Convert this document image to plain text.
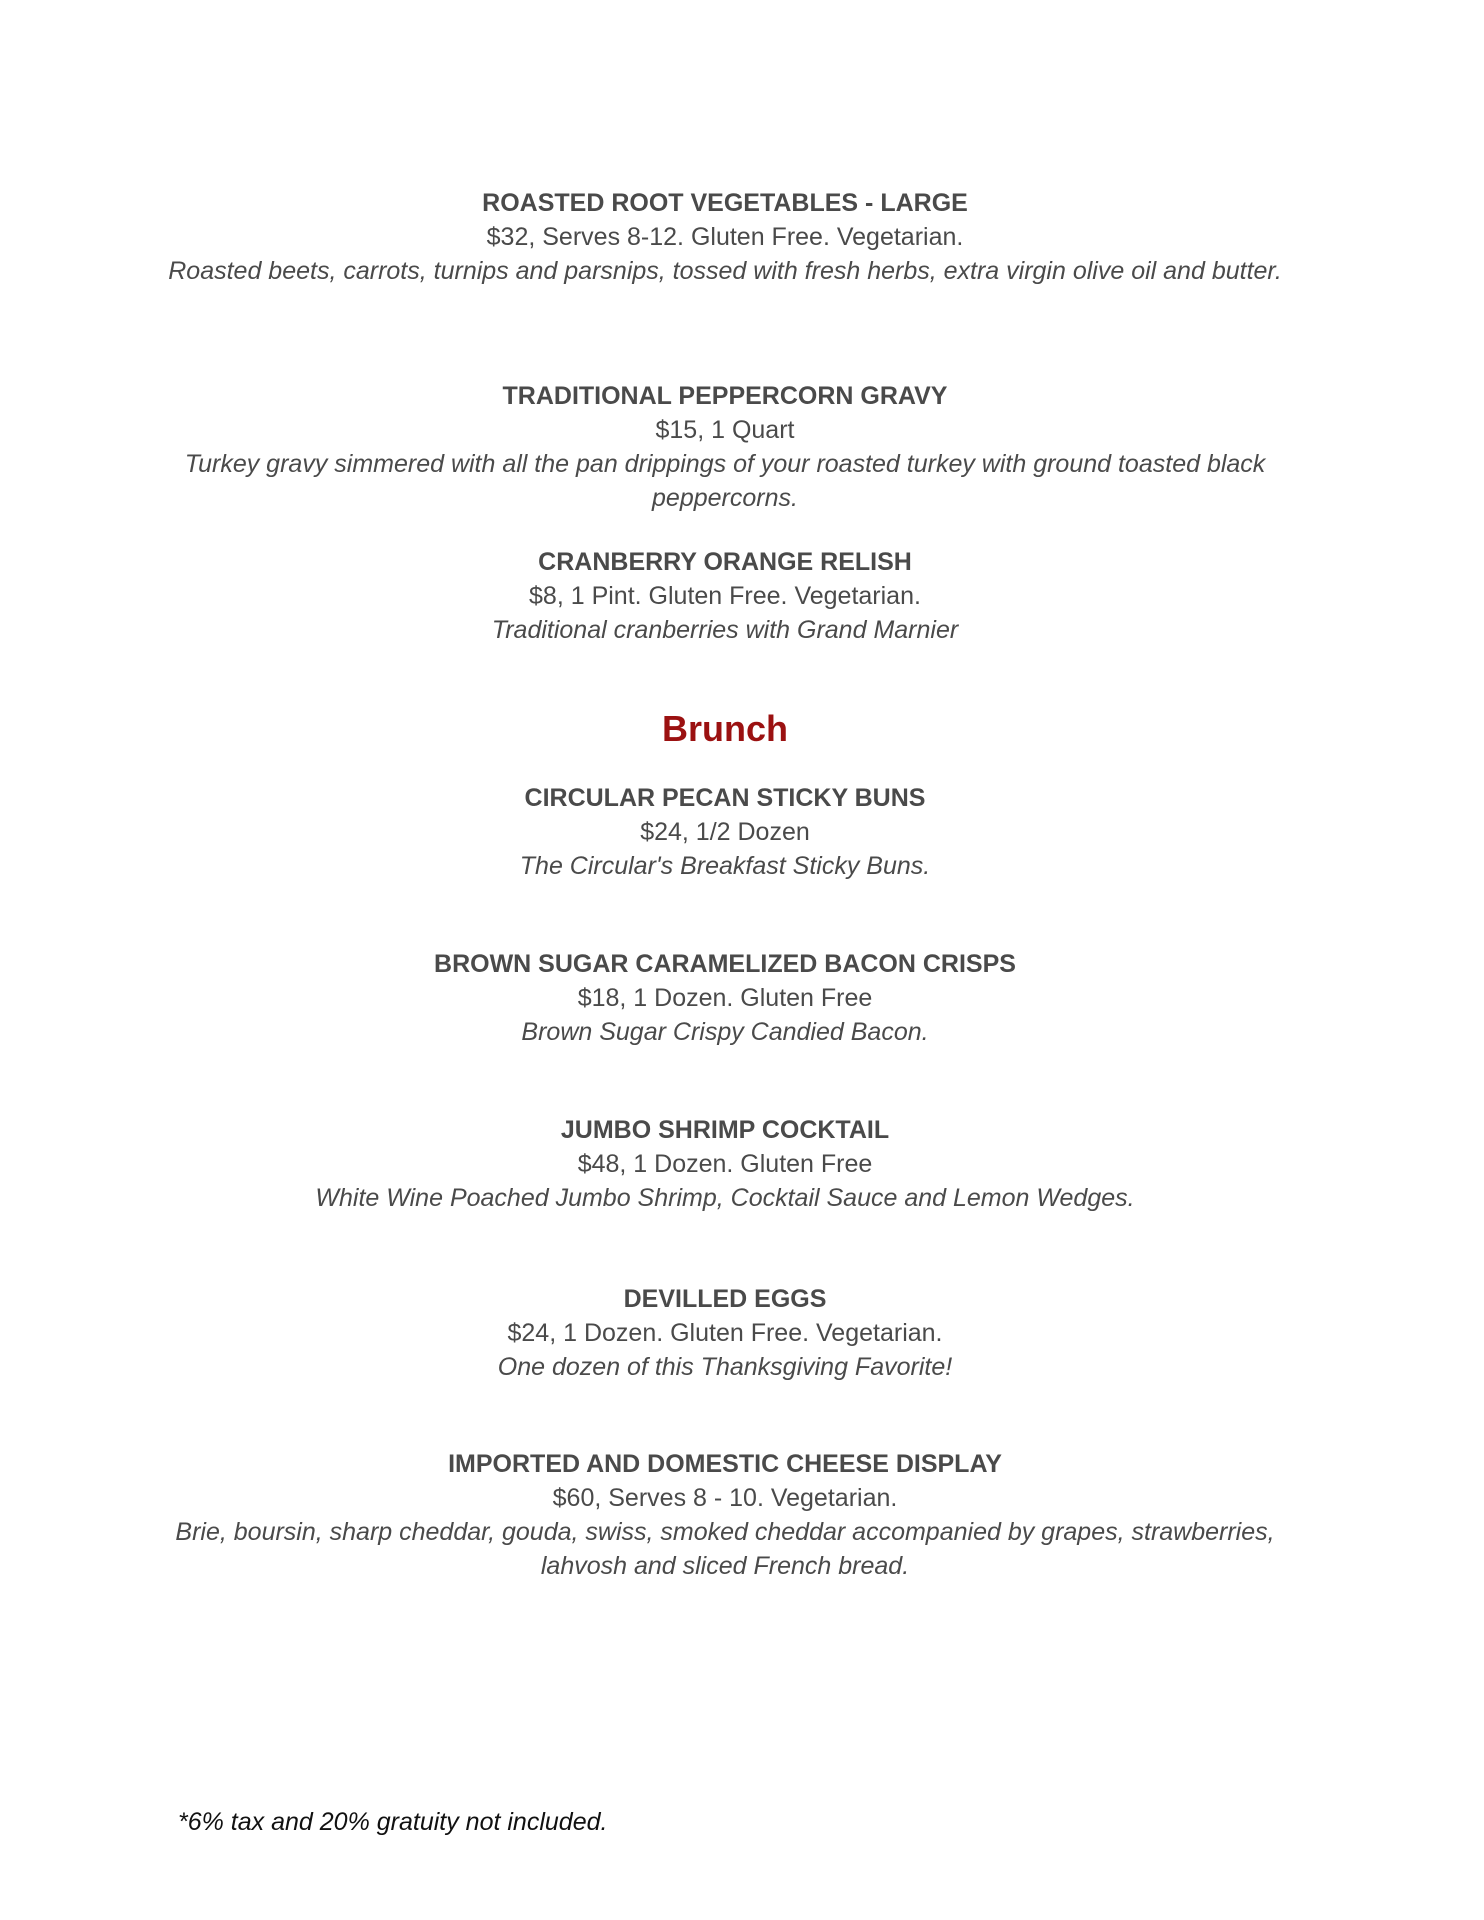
ROASTED ROOT VEGETABLES - LARGE
$32, Serves 8-12. Gluten Free. Vegetarian.
Roasted beets, carrots, turnips and parsnips, tossed with fresh herbs, extra virgin olive oil and butter.
TRADITIONAL PEPPERCORN GRAVY
$15, 1 Quart
Turkey gravy simmered with all the pan drippings of your roasted turkey with ground toasted black peppercorns.
CRANBERRY ORANGE RELISH
$8, 1 Pint. Gluten Free. Vegetarian.
Traditional cranberries with Grand Marnier
Brunch
CIRCULAR PECAN STICKY BUNS
$24, 1/2 Dozen
The Circular's Breakfast Sticky Buns.
BROWN SUGAR CARAMELIZED BACON CRISPS
$18, 1 Dozen. Gluten Free
Brown Sugar Crispy Candied Bacon.
JUMBO SHRIMP COCKTAIL
$48, 1 Dozen. Gluten Free
White Wine Poached Jumbo Shrimp, Cocktail Sauce and Lemon Wedges.
DEVILLED EGGS
$24, 1 Dozen. Gluten Free. Vegetarian.
One dozen of this Thanksgiving Favorite!
IMPORTED AND DOMESTIC CHEESE DISPLAY
$60, Serves 8 - 10. Vegetarian.
Brie, boursin, sharp cheddar, gouda, swiss, smoked cheddar accompanied by grapes, strawberries, lahvosh and sliced French bread.
*6% tax and 20% gratuity not included.
